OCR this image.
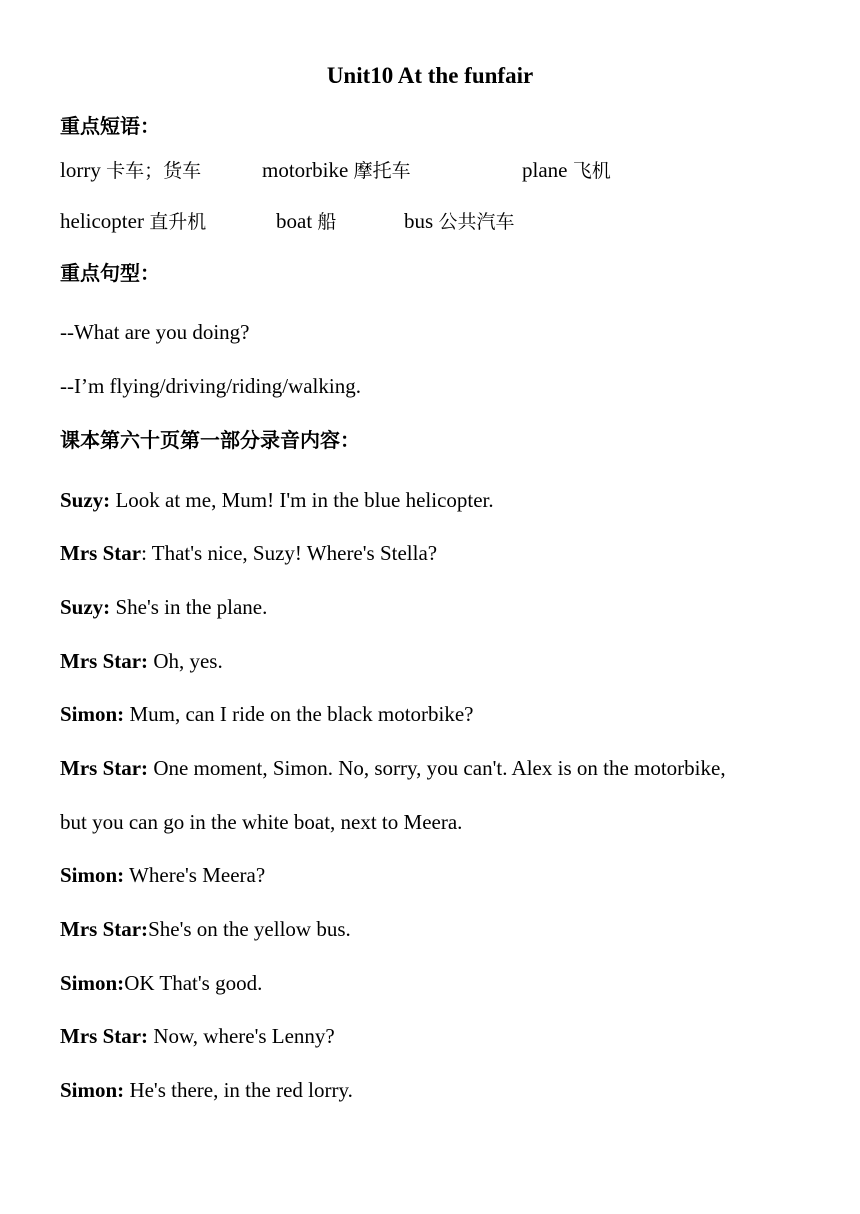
Unit10 At the funfair
重点短语：
lorry 卡车；货车	motorbike 摩托车	plane 飞机
helicopter 直升机	boat 船	bus 公共汽车
重点句型：
--What are you doing?
--I’m flying/driving/riding/walking.
课本第六十页第一部分录音内容：
Suzy: Look at me, Mum! I'm in the blue helicopter.
Mrs Star: That's nice, Suzy! Where's Stella?
Suzy: She's in the plane.
Mrs Star: Oh, yes.
Simon: Mum, can I ride on the black motorbike?
Mrs Star: One moment, Simon. No, sorry, you can't. Alex is on the motorbike,
but you can go in the white boat, next to Meera.
Simon: Where's Meera?
Mrs Star:She's on the yellow bus.
Simon:OK That's good.
Mrs Star: Now, where's Lenny?
Simon: He's there, in the red lorry.
